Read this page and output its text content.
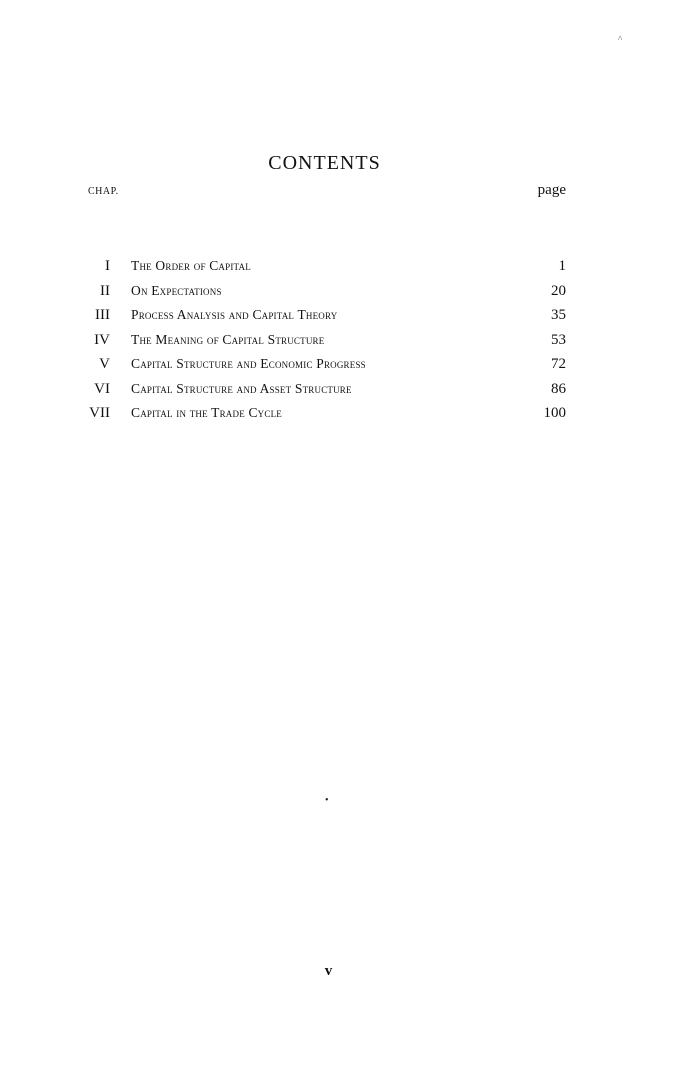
^
CONTENTS
CHAP.	page
I The Order of Capital	1
II On Expectations	20
III Process Analysis and Capital Theory	35
IV The Meaning of Capital Structure	53
V Capital Structure and Economic Progress	72
VI Capital Structure and Asset Structure	86
VII Capital in the Trade Cycle	100
•
v
